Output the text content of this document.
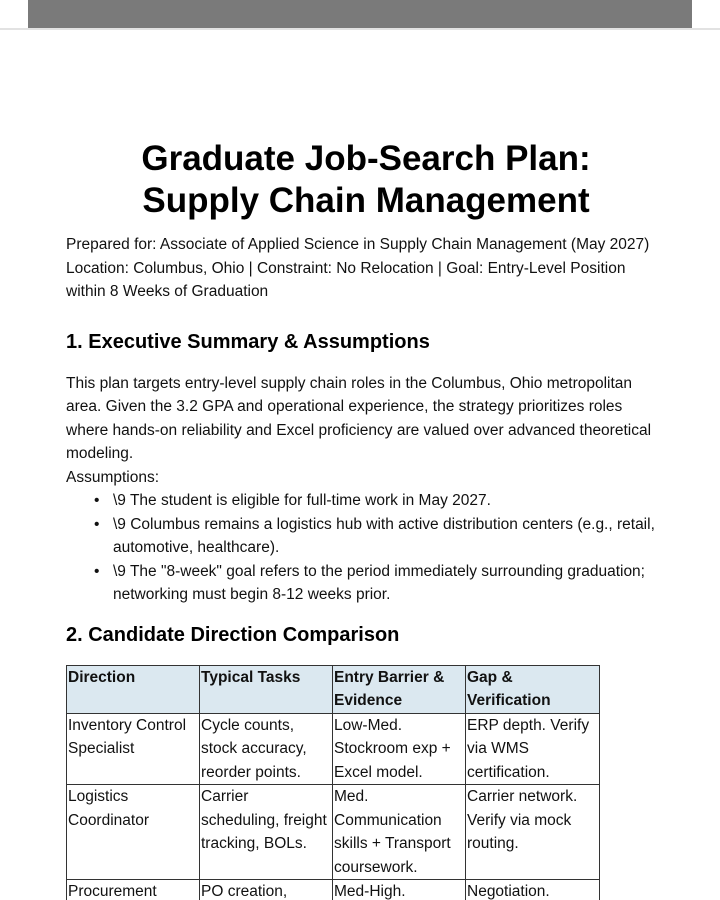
Graduate Job-Search Plan:
Supply Chain Management

Prepared for: Associate of Applied Science in Supply Chain Management (May 2027)

Location: Columbus, Ohio | Constraint: No Relocation | Goal: Entry-Level Position within 8 Weeks of Graduation

1. Executive Summary & Assumptions

This plan targets entry-level supply chain roles in the Columbus, Ohio metropolitan area. Given the 3.2 GPA and operational experience, the strategy prioritizes roles where hands-on reliability and Excel proficiency are valued over advanced theoretical modeling.

Assumptions:

• \9 The student is eligible for full-time work in May 2027.
• \9 Columbus remains a logistics hub with active distribution centers (e.g., retail, automotive, healthcare).
• \9 The "8-week" goal refers to the period immediately surrounding graduation; networking must begin 8-12 weeks prior.
2. Candidate Direction Comparison
Direction	Typical Tasks	Entry Barrier & Evidence	Gap & Verification
Inventory Control Specialist	Cycle counts, stock accuracy, reorder points.	Low-Med. Stockroom exp + Excel model.	ERP depth. Verify via WMS certification.
Logistics Coordinator	Carrier scheduling, freight tracking, BOLs.	Med. Communication skills + Transport coursework.	Carrier network. Verify via mock routing.
Procurement	PO creation,	Med-High.	Negotiation.
